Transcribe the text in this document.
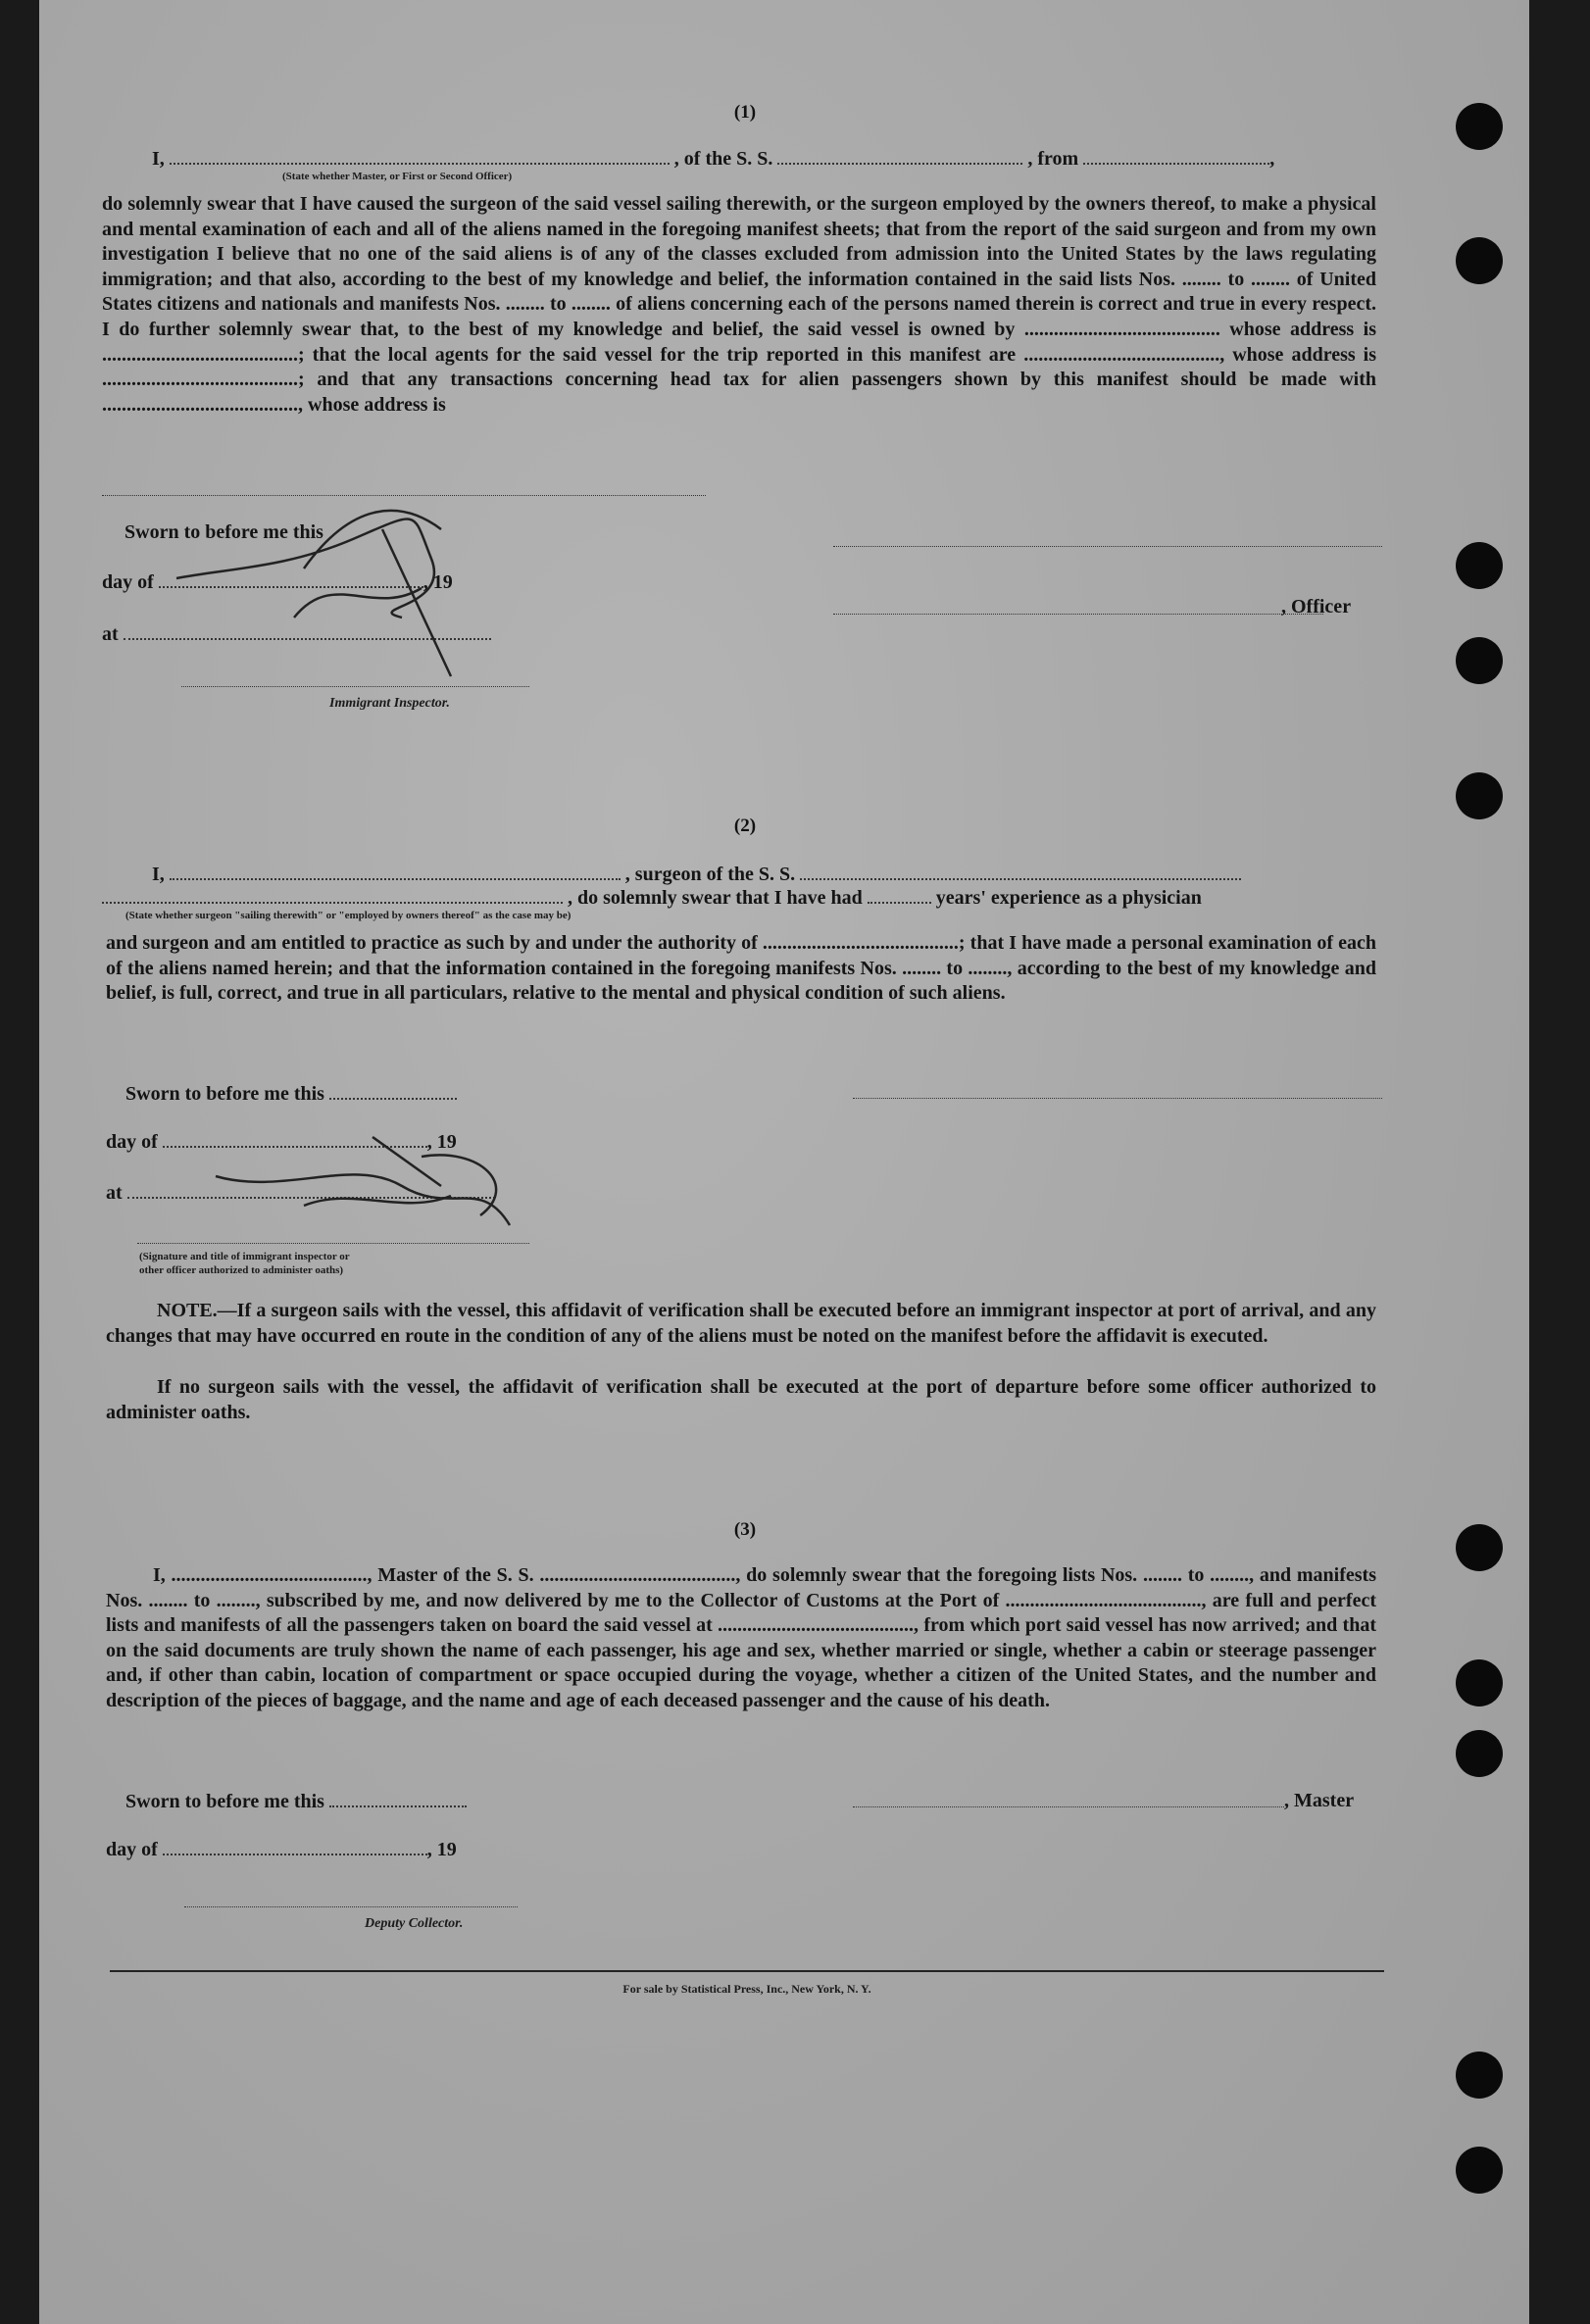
(1)
I,	, of the S. S.	, from	,
(State whether Master, or First or Second Officer)
do solemnly swear that I have caused the surgeon of the said vessel sailing therewith, or the surgeon employed by the owners thereof, to make a physical and mental examination of each and all of the aliens named in the foregoing manifest sheets; that from the report of the said surgeon and from my own investigation I believe that no one of the said aliens is of any of the classes excluded from admission into the United States by the laws regulating immigration; and that also, according to the best of my knowledge and belief, the information contained in the said lists Nos. ........ to ........ of United States citizens and nationals and manifests Nos. ........ to ........ of aliens concerning each of the persons named therein is correct and true in every respect. I do further solemnly swear that, to the best of my knowledge and belief, the said vessel is owned by ........................................ whose address is ........................................; that the local agents for the said vessel for the trip reported in this manifest are ........................................, whose address is ........................................; and that any transactions concerning head tax for alien passengers shown by this manifest should be made with ........................................, whose address is
Sworn to before me this
day of	, 19
, Officer
at
Immigrant Inspector.
(2)
I,	, surgeon of the S. S.
, do solemnly swear that I have had	years' experience as a physician
(State whether surgeon "sailing therewith" or "employed by owners thereof" as the case may be)
and surgeon and am entitled to practice as such by and under the authority of ........................................; that I have made a personal examination of each of the aliens named herein; and that the information contained in the foregoing manifests Nos. ........ to ........, according to the best of my knowledge and belief, is full, correct, and true in all particulars, relative to the mental and physical condition of such aliens.
Sworn to before me this
day of	, 19
at
(Signature and title of immigrant inspector or
other officer authorized to administer oaths)
NOTE.—If a surgeon sails with the vessel, this affidavit of verification shall be executed before an immigrant inspector at port of arrival, and any changes that may have occurred en route in the condition of any of the aliens must be noted on the manifest before the affidavit is executed.
If no surgeon sails with the vessel, the affidavit of verification shall be executed at the port of departure before some officer authorized to administer oaths.
(3)
I, ........................................, Master of the S. S. ........................................, do solemnly swear that the foregoing lists Nos. ........ to ........, and manifests Nos. ........ to ........, subscribed by me, and now delivered by me to the Collector of Customs at the Port of ........................................, are full and perfect lists and manifests of all the passengers taken on board the said vessel at ........................................, from which port said vessel has now arrived; and that on the said documents are truly shown the name of each passenger, his age and sex, whether married or single, whether a cabin or steerage passenger and, if other than cabin, location of compartment or space occupied during the voyage, whether a citizen of the United States, and the number and description of the pieces of baggage, and the name and age of each deceased passenger and the cause of his death.
Sworn to before me this	, Master
day of	, 19
Deputy Collector.
For sale by Statistical Press, Inc., New York, N. Y.
